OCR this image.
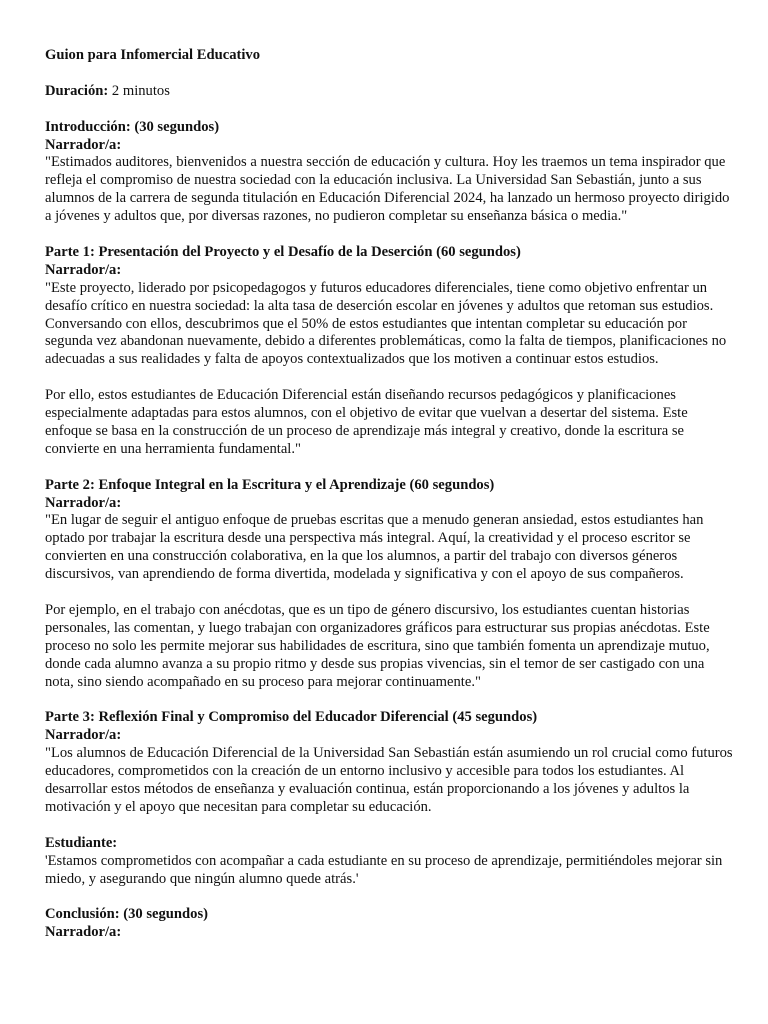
Guion para Infomercial Educativo

Duración: 2 minutos

Introducción: (30 segundos)

Narrador/a:

"Estimados auditores, bienvenidos a nuestra sección de educación y cultura. Hoy les traemos un tema inspirador que refleja el compromiso de nuestra sociedad con la educación inclusiva. La Universidad San Sebastián, junto a sus alumnos de la carrera de segunda titulación en Educación Diferencial 2024, ha lanzado un hermoso proyecto dirigido a jóvenes y adultos que, por diversas razones, no pudieron completar su enseñanza básica o media."

Parte 1: Presentación del Proyecto y el Desafío de la Deserción (60 segundos)

Narrador/a:

"Este proyecto, liderado por psicopedagogos y futuros educadores diferenciales, tiene como objetivo enfrentar un desafío crítico en nuestra sociedad: la alta tasa de deserción escolar en jóvenes y adultos que retoman sus estudios. Conversando con ellos, descubrimos que el 50% de estos estudiantes que intentan completar su educación por segunda vez abandonan nuevamente, debido a diferentes problemáticas, como la falta de tiempos, planificaciones no adecuadas a sus realidades y falta de apoyos contextualizados que los motiven a continuar estos estudios.

Por ello, estos estudiantes de Educación Diferencial están diseñando recursos pedagógicos y planificaciones especialmente adaptadas para estos alumnos, con el objetivo de evitar que vuelvan a desertar del sistema. Este enfoque se basa en la construcción de un proceso de aprendizaje más integral y creativo, donde la escritura se convierte en una herramienta fundamental."

Parte 2: Enfoque Integral en la Escritura y el Aprendizaje (60 segundos)

Narrador/a:

"En lugar de seguir el antiguo enfoque de pruebas escritas que a menudo generan ansiedad, estos estudiantes han optado por trabajar la escritura desde una perspectiva más integral. Aquí, la creatividad y el proceso escritor se convierten en una construcción colaborativa, en la que los alumnos, a partir del trabajo con diversos géneros discursivos, van aprendiendo de forma divertida, modelada y significativa y con el apoyo de sus compañeros.

Por ejemplo, en el trabajo con anécdotas, que es un tipo de género discursivo, los estudiantes cuentan historias personales, las comentan, y luego trabajan con organizadores gráficos para estructurar sus propias anécdotas. Este proceso no solo les permite mejorar sus habilidades de escritura, sino que también fomenta un aprendizaje mutuo, donde cada alumno avanza a su propio ritmo y desde sus propias vivencias, sin el temor de ser castigado con una nota, sino siendo acompañado en su proceso para mejorar continuamente."

Parte 3: Reflexión Final y Compromiso del Educador Diferencial (45 segundos)

Narrador/a:

"Los alumnos de Educación Diferencial de la Universidad San Sebastián están asumiendo un rol crucial como futuros educadores, comprometidos con la creación de un entorno inclusivo y accesible para todos los estudiantes. Al desarrollar estos métodos de enseñanza y evaluación continua, están proporcionando a los jóvenes y adultos la motivación y el apoyo que necesitan para completar su educación.

Estudiante:

'Estamos comprometidos con acompañar a cada estudiante en su proceso de aprendizaje, permitiéndoles mejorar sin miedo, y asegurando que ningún alumno quede atrás.'

Conclusión: (30 segundos)

Narrador/a:
